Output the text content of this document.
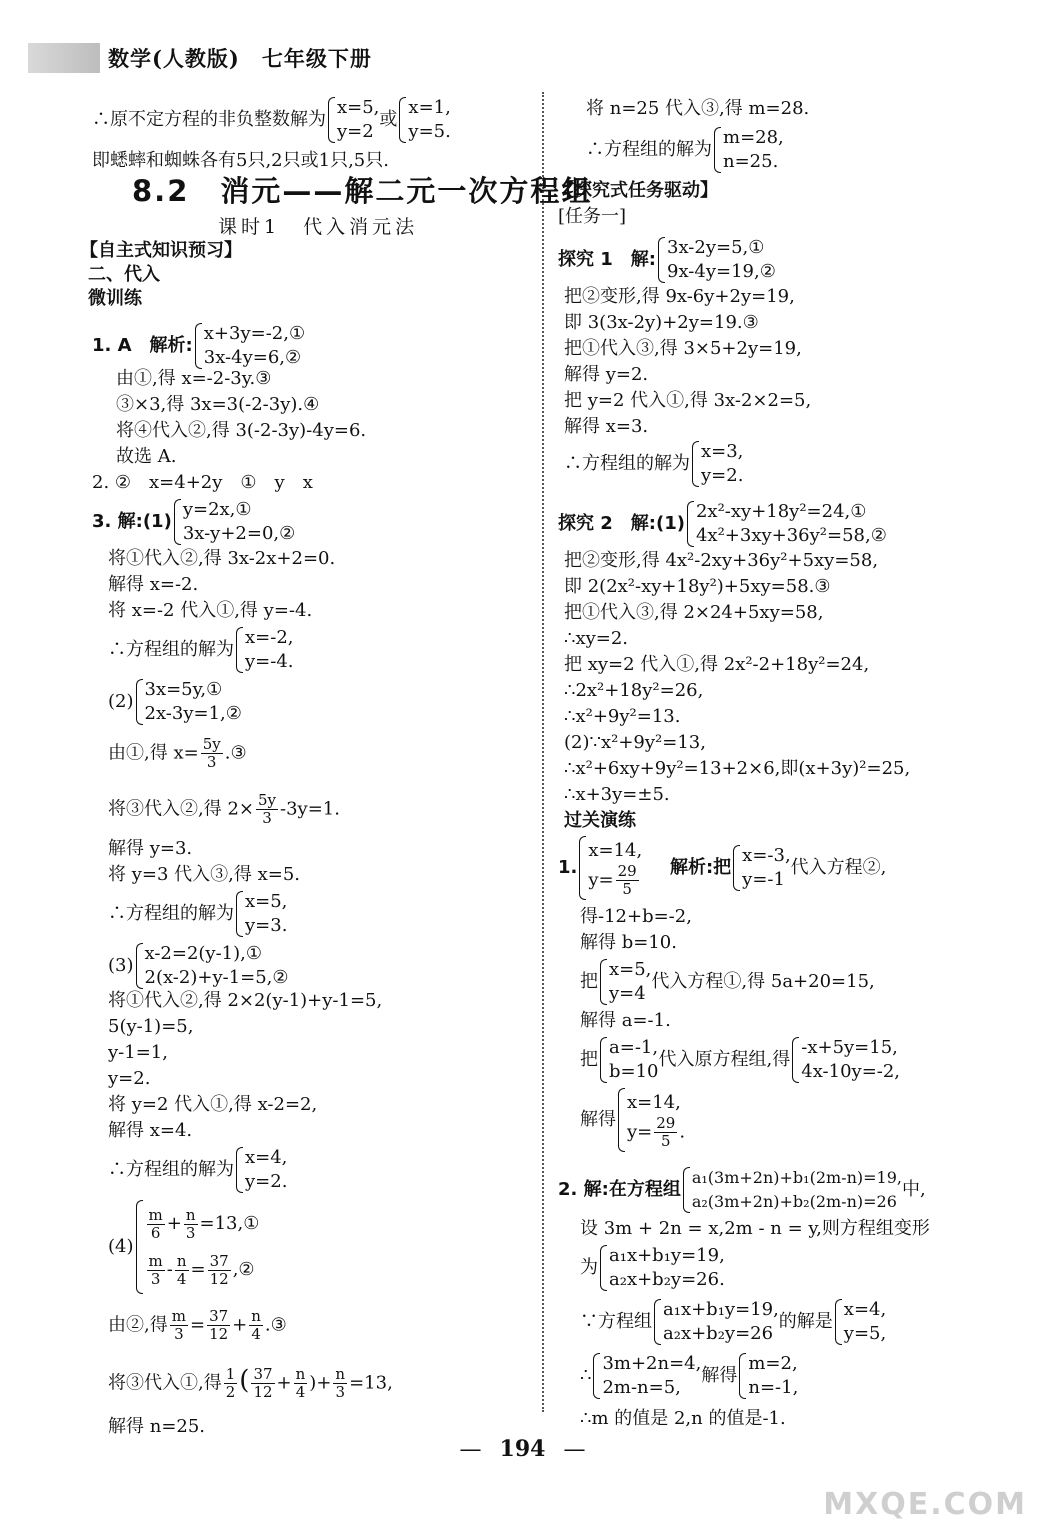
数学(人教版)　七年级下册
∴原不定方程的非负整数解为
x=5,
y=2
或
x=1,
y=5.
即蟋蟀和蜘蛛各有5只,2只或1只,5只.
8.2　消元——解二元一次方程组
课时1　代入消元法
【自主式知识预习】
二、代入
微训练
1. A　解析:
x+3y=-2,①
3x-4y=6,②
由①,得 x=-2-3y.③
③×3,得 3x=3(-2-3y).④
将④代入②,得 3(-2-3y)-4y=6.
故选 A.
2. ②　x=4+2y　①　y　x
3. 解:(1)
y=2x,①
3x-y+2=0,②
将①代入②,得 3x-2x+2=0.
解得 x=-2.
将 x=-2 代入①,得 y=-4.
∴方程组的解为
x=-2,
y=-4.
(2)
3x=5y,①
2x-3y=1,②
由①,得 $x= \frac{5y}{3}$ .③
将③代入②,得 $2\times \frac{5y}{3} -3y=1$.
解得 y=3.
将 y=3 代入③,得 x=5.
∴方程组的解为
x=5,
y=3.
(3)
x-2=2(y-1),①
2(x-2)+y-1=5,②
将①代入②,得 2×2(y-1)+y-1=5,
5(y-1)=5,
y-1=1,
y=2.
将 y=2 代入①,得 x-2=2,
解得 x=4.
∴方程组的解为
x=4,
y=2.
(4)
$\frac{m}{6} + \frac{n}{3}$ =13,①
$\frac{m}{3} - \frac{n}{4} = \frac{37}{12}$ ,②
由②,得 $\frac{m}{3} = \frac{37}{12} + \frac{n}{4}$ .③
将③代入①,得 $\frac{1}{2}$ ( $\frac{37}{12} + \frac{n}{4}$ )+ $\frac{n}{3} =13$,
解得 n=25.
将 n=25 代入③,得 m=28.
∴方程组的解为
m=28,
n=25.
【探究式任务驱动】
[任务一]
探究 1　解:
3x-2y=5,①
9x-4y=19,②
把②变形,得 9x-6y+2y=19,
即 3(3x-2y)+2y=19.③
把①代入③,得 3×5+2y=19,
解得 y=2.
把 y=2 代入①,得 3x-2×2=5,
解得 x=3.
∴方程组的解为
x=3,
y=2.
探究 2　解:(1)
2x²-xy+18y²=24,①
4x²+3xy+36y²=58,②
把②变形,得 4x²-2xy+36y²+5xy=58,
即 2(2x²-xy+18y²)+5xy=58.③
把①代入③,得 2×24+5xy=58,
∴xy=2.
把 xy=2 代入①,得 2x²-2+18y²=24,
∴2x²+18y²=26,
∴x²+9y²=13.
(2)∵x²+9y²=13,
∴x²+6xy+9y²=13+2×6,即(x+3y)²=25,
∴x+3y=±5.
过关演练
1.
x=14,
$y= \frac{29}{5}$ 解析:把
x=-3,
y=-1
代入方程②,
得-12+b=-2,
解得 b=10.
把
x=5,
y=4
代入方程①,得 5a+20=15,
解得 a=-1.
把
a=-1,
b=10
代入原方程组,得
-x+5y=15,
4x-10y=-2,
解得
x=14,
$y= \frac{29}{5}$ .
2. 解:在方程组
a₁(3m+2n)+b₁(2m-n)=19,
a₂(3m+2n)+b₂(2m-n)=26
中,
设 3m + 2n = x,2m - n = y,则方程组变形
为
a₁x+b₁y=19,
a₂x+b₂y=26.
∵方程组
a₁x+b₁y=19,
a₂x+b₂y=26
的解是
x=4,
y=5,
∴
3m+2n=4,
2m-n=5,
解得
m=2,
n=-1,
∴m 的值是 2,n 的值是-1.
— 194 —
MXQE.COM
